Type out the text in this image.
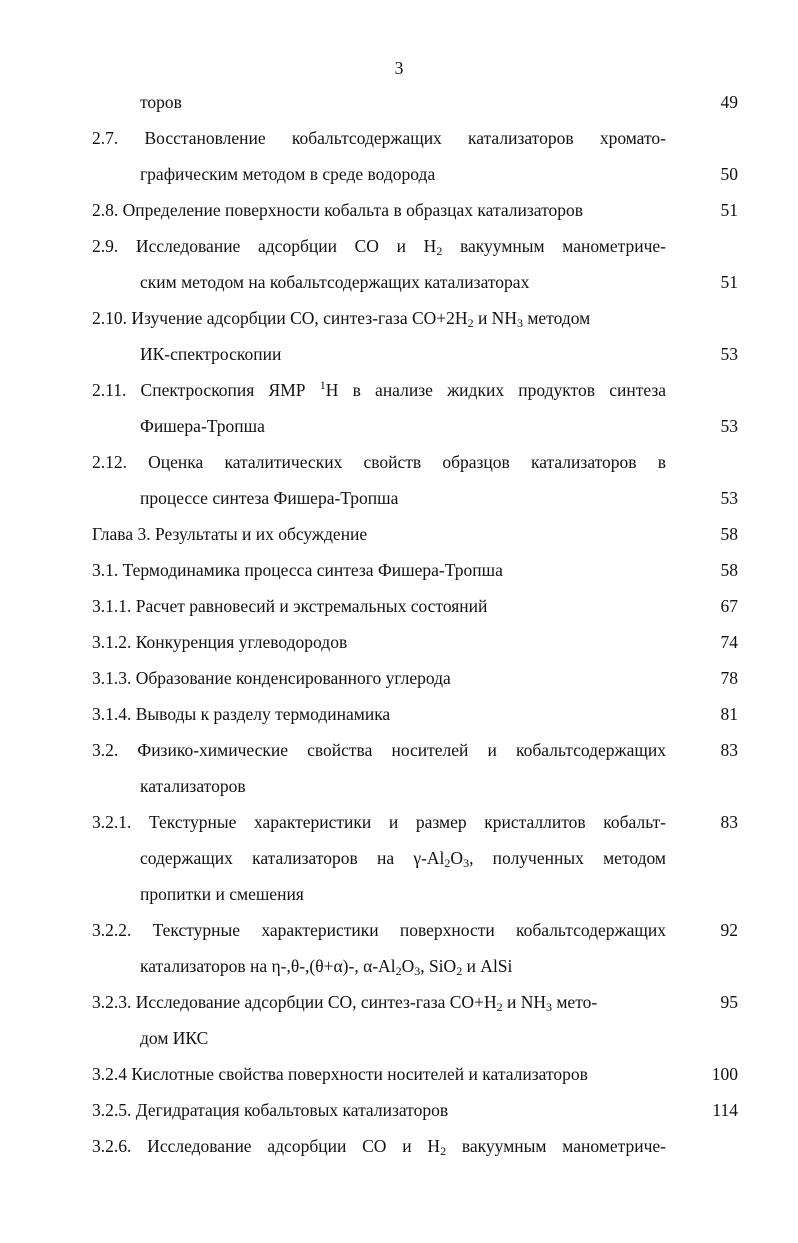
3
торов	49
2.7. Восстановление кобальтсодержащих катализаторов хромато-
графическим методом в среде водорода	50
2.8. Определение поверхности кобальта в образцах катализаторов	51
2.9. Исследование адсорбции СО и $Н_2$ вакуумным манометриче-
ским методом на кобальтсодержащих катализаторах	51
2.10. Изучение адсорбции СО, синтез-газа $СО+2Н_2$ и $NH_3$ методом
ИК-спектроскопии	53
2.11. Спектроскопия ЯМР $^1$Н в анализе жидких продуктов синтеза
Фишера-Тропша	53
2.12. Оценка каталитических свойств образцов катализаторов в
процессе синтеза Фишера-Тропша	53
Глава 3. Результаты и их обсуждение	58
3.1. Термодинамика процесса синтеза Фишера-Тропша	58
3.1.1. Расчет равновесий и экстремальных состояний	67
3.1.2. Конкуренция углеводородов	74
3.1.3. Образование конденсированного углерода	78
3.1.4. Выводы к разделу термодинамика	81
3.2. Физико-химические свойства носителей и кобальтсодержащих	83
катализаторов
3.2.1. Текстурные характеристики и размер кристаллитов кобальт-	83
содержащих катализаторов на $\gamma-Al_2O_3$, полученных методом
пропитки и смешения
3.2.2. Текстурные характеристики поверхности кобальтсодержащих	92
катализаторов на η-,θ-,(θ+α)-, $\alpha-Al_2O_3$, SiO$_2$ и AlSi
3.2.3. Исследование адсорбции СО, синтез-газа $СО+Н_2$ и $NH_3$ мето-	95
дом ИКС
3.2.4 Кислотные свойства поверхности носителей и катализаторов	100
3.2.5. Дегидратация кобальтовых катализаторов	114
3.2.6. Исследование адсорбции СО и $Н_2$ вакуумным манометриче-
